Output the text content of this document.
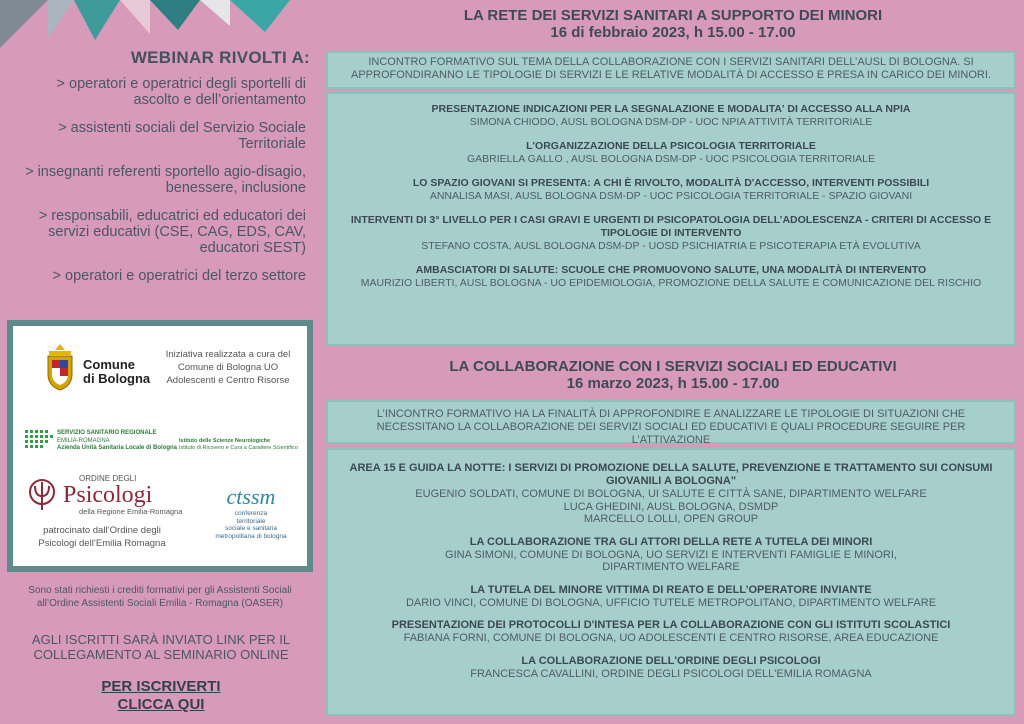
WEBINAR RIVOLTI A:
> operatori e operatrici degli sportelli di ascolto e dell’orientamento
> assistenti sociali del Servizio Sociale Territoriale
> insegnanti referenti sportello agio-disagio, benessere, inclusione
> responsabili, educatrici ed educatori dei servizi educativi (CSE, CAG, EDS, CAV, educatori SEST)
> operatori e operatrici del terzo settore
Comune
di Bologna
Iniziativa realizzata a cura del Comune di Bologna UO Adolescenti e Centro Risorse
SERVIZIO SANITARIO REGIONALE
EMILIA-ROMAGNA
Azienda Unità Sanitaria Locale di Bologna
Istituto delle Scienze Neurologiche
Istituto di Ricovero e Cura a Carattere Scientifico
ORDINE DEGLI
Psicologi
della Regione Emilia-Romagna
patrocinato dall’Ordine degli Psicologi dell’Emilia Romagna
ctssm
conferenza
territoriale
sociale e sanitaria
metropolitana di bologna
Sono stati richiesti i crediti formativi per gli Assistenti Sociali all’Ordine Assistenti Sociali Emilia - Romagna (OASER)
AGLI ISCRITTI SARÀ INVIATO LINK PER IL COLLEGAMENTO AL SEMINARIO ONLINE
PER ISCRIVERTI
CLICCA QUI
LA RETE DEI SERVIZI SANITARI A SUPPORTO DEI MINORI
16 di febbraio 2023, h 15.00 - 17.00
INCONTRO FORMATIVO SUL TEMA DELLA COLLABORAZIONE CON I SERVIZI SANITARI DELL’AUSL DI BOLOGNA. SI APPROFONDIRANNO LE TIPOLOGIE DI SERVIZI E LE RELATIVE MODALITÀ DI ACCESSO E PRESA IN CARICO DEI MINORI.
PRESENTAZIONE INDICAZIONI PER LA SEGNALAZIONE E MODALITA' DI ACCESSO ALLA NPIA
SIMONA CHIODO, AUSL BOLOGNA DSM-DP - UOC NPIA ATTIVITÀ TERRITORIALE
L'ORGANIZZAZIONE DELLA PSICOLOGIA TERRITORIALE
GABRIELLA GALLO , AUSL BOLOGNA DSM-DP - UOC PSICOLOGIA TERRITORIALE
LO SPAZIO GIOVANI SI PRESENTA: A CHI È RIVOLTO, MODALITÀ D'ACCESSO, INTERVENTI POSSIBILI
ANNALISA MASI, AUSL BOLOGNA DSM-DP - UOC PSICOLOGIA TERRITORIALE - SPAZIO GIOVANI
INTERVENTI DI 3° LIVELLO PER I CASI GRAVI E URGENTI DI PSICOPATOLOGIA DELL’ADOLESCENZA - CRITERI DI ACCESSO E TIPOLOGIE DI INTERVENTO
STEFANO COSTA, AUSL BOLOGNA DSM-DP - UOSD PSICHIATRIA E PSICOTERAPIA ETÀ EVOLUTIVA
AMBASCIATORI DI SALUTE: SCUOLE CHE PROMUOVONO SALUTE, UNA MODALITÀ DI INTERVENTO
MAURIZIO LIBERTI, AUSL BOLOGNA - UO EPIDEMIOLOGIA, PROMOZIONE DELLA SALUTE E COMUNICAZIONE DEL RISCHIO
LA COLLABORAZIONE CON I SERVIZI SOCIALI ED EDUCATIVI
16 marzo 2023, h 15.00 - 17.00
L’INCONTRO FORMATIVO HA LA FINALITÀ DI APPROFONDIRE E ANALIZZARE LE TIPOLOGIE DI SITUAZIONI CHE NECESSITANO LA COLLABORAZIONE DEI SERVIZI SOCIALI ED EDUCATIVI E QUALI PROCEDURE SEGUIRE PER L’ATTIVAZIONE
AREA 15 E GUIDA LA NOTTE: I SERVIZI DI PROMOZIONE DELLA SALUTE, PREVENZIONE E TRATTAMENTO SUI CONSUMI GIOVANILI A BOLOGNA"
EUGENIO SOLDATI, COMUNE DI BOLOGNA, UI SALUTE E CITTÀ SANE, DIPARTIMENTO WELFARE
LUCA GHEDINI, AUSL BOLOGNA, DSMDP
MARCELLO LOLLI, OPEN GROUP
LA COLLABORAZIONE TRA GLI ATTORI DELLA RETE A TUTELA DEI MINORI
GINA SIMONI, COMUNE DI BOLOGNA, UO SERVIZI E INTERVENTI FAMIGLIE E MINORI, DIPARTIMENTO WELFARE
LA TUTELA DEL MINORE VITTIMA DI REATO E DELL’OPERATORE INVIANTE
DARIO VINCI, COMUNE DI BOLOGNA, UFFICIO TUTELE METROPOLITANO, DIPARTIMENTO WELFARE
PRESENTAZIONE DEI PROTOCOLLI D'INTESA PER LA COLLABORAZIONE CON GLI ISTITUTI SCOLASTICI
FABIANA FORNI, COMUNE DI BOLOGNA, UO ADOLESCENTI E CENTRO RISORSE, AREA EDUCAZIONE
LA COLLABORAZIONE DELL'ORDINE DEGLI PSICOLOGI
FRANCESCA CAVALLINI, ORDINE DEGLI PSICOLOGI DELL'EMILIA ROMAGNA
